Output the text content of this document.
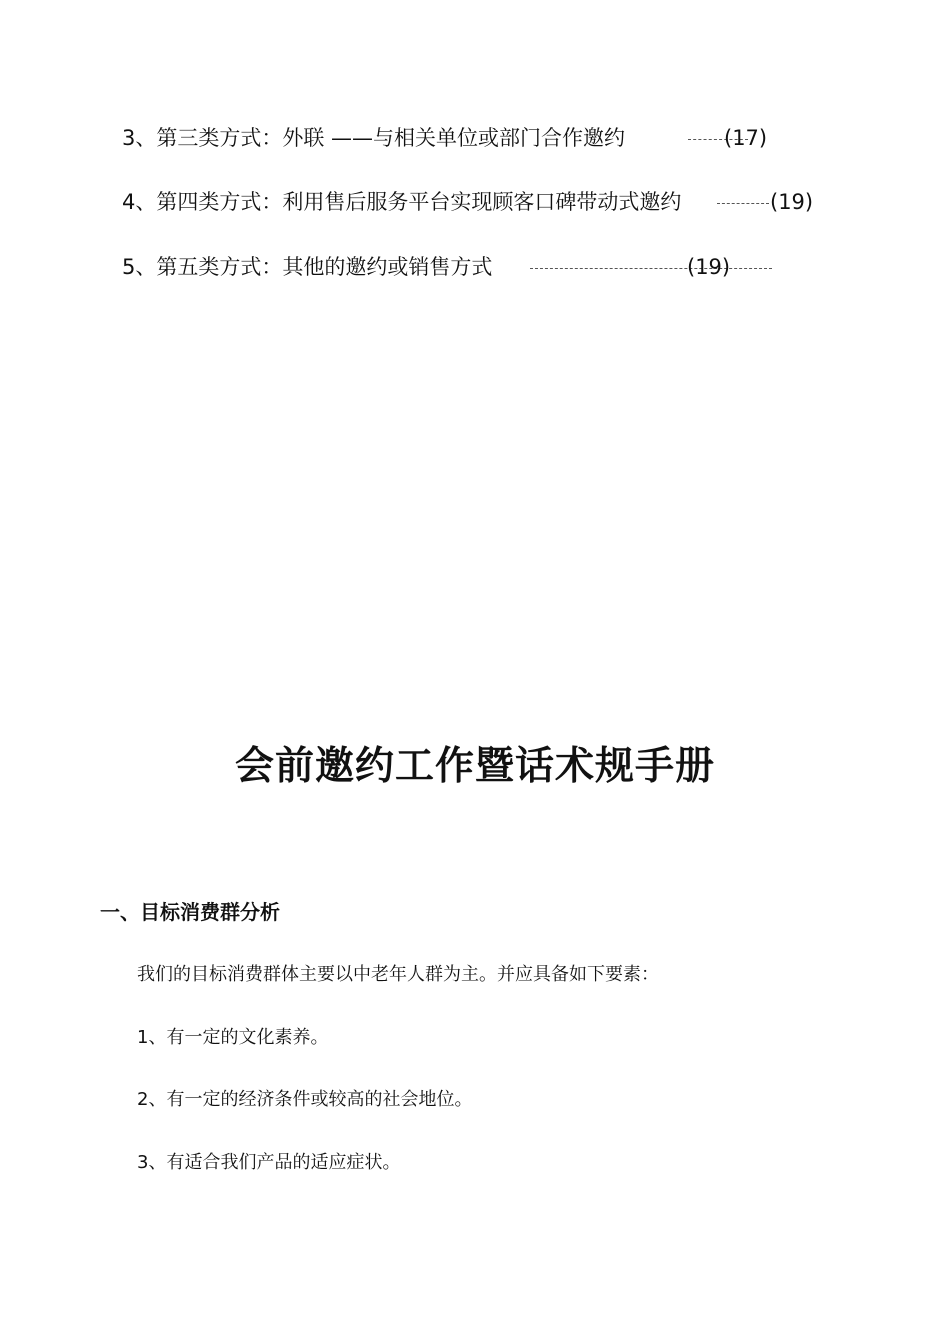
3、第三类方式：外联 ——与相关单位或部门合作邀约	(17)
4、第四类方式：利用售后服务平台实现顾客口碑带动式邀约	(19)
5、第五类方式：其他的邀约或销售方式	(19)
会前邀约工作暨话术规手册
一、目标消费群分析
我们的目标消费群体主要以中老年人群为主。并应具备如下要素：
1、有一定的文化素养。
2、有一定的经济条件或较高的社会地位。
3、有适合我们产品的适应症状。
